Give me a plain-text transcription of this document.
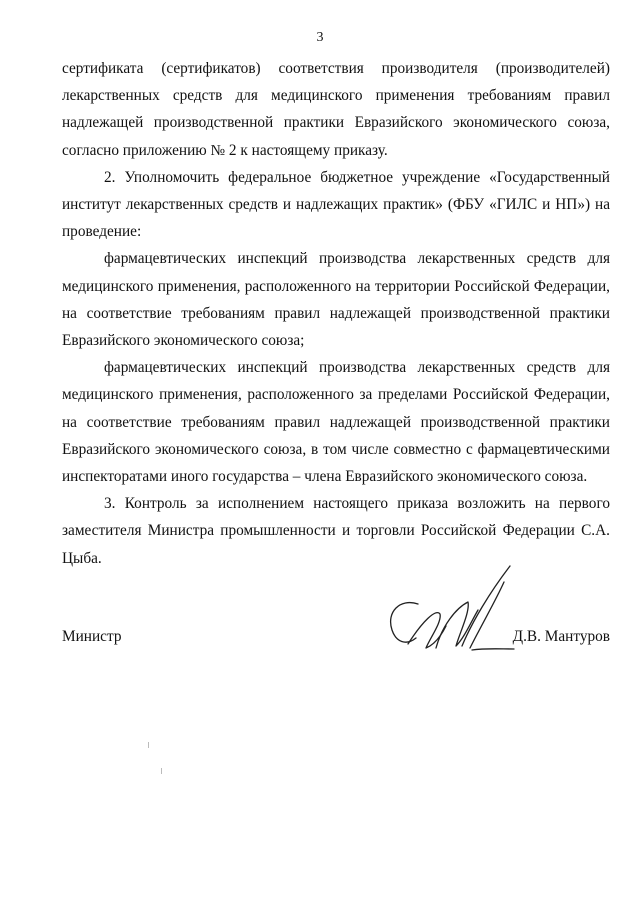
3

сертификата (сертификатов) соответствия производителя (производителей) лекарственных средств для медицинского применения требованиям правил надлежащей производственной практики Евразийского экономического союза, согласно приложению № 2 к настоящему приказу.

2. Уполномочить федеральное бюджетное учреждение «Государственный институт лекарственных средств и надлежащих практик» (ФБУ «ГИЛС и НП») на проведение:

фармацевтических инспекций производства лекарственных средств для медицинского применения, расположенного на территории Российской Федерации, на соответствие требованиям правил надлежащей производственной практики Евразийского экономического союза;

фармацевтических инспекций производства лекарственных средств для медицинского применения, расположенного за пределами Российской Федерации, на соответствие требованиям правил надлежащей производственной практики Евразийского экономического союза, в том числе совместно с фармацевтическими инспекторатами иного государства – члена Евразийского экономического союза.

3. Контроль за исполнением настоящего приказа возложить на первого заместителя Министра промышленности и торговли Российской Федерации С.А. Цыба.

Министр	Д.В. Мантуров
